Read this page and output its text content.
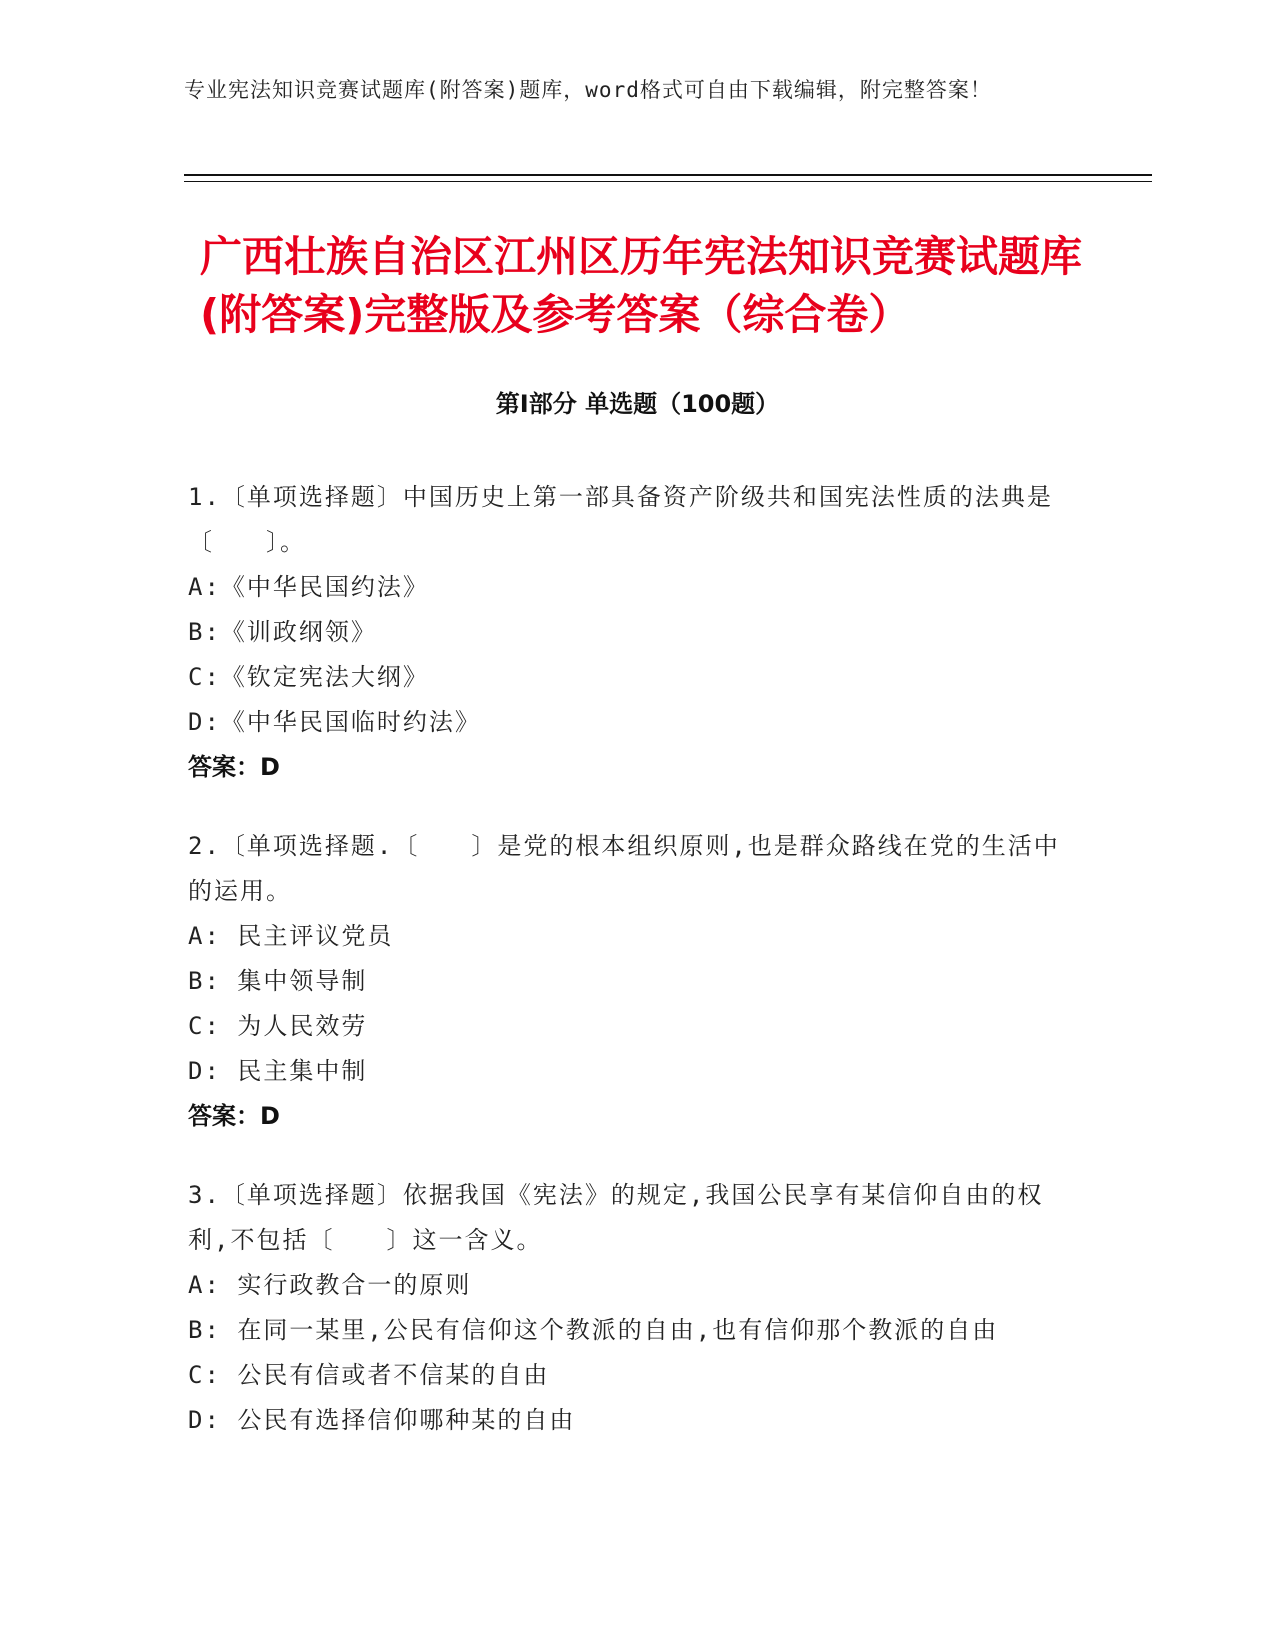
专业宪法知识竞赛试题库(附答案)题库，word格式可自由下载编辑，附完整答案！
广西壮族自治区江州区历年宪法知识竞赛试题库(附答案)完整版及参考答案（综合卷）
第Ⅰ部分 单选题（100题）
1.〔单项选择题〕中国历史上第一部具备资产阶级共和国宪法性质的法典是〔　　〕。
A:《中华民国约法》
B:《训政纲领》
C:《钦定宪法大纲》
D:《中华民国临时约法》
答案：D
2.〔单项选择题.〔　　〕是党的根本组织原则,也是群众路线在党的生活中的运用。
A: 民主评议党员
B: 集中领导制
C: 为人民效劳
D: 民主集中制
答案：D
3.〔单项选择题〕依据我国《宪法》的规定,我国公民享有某信仰自由的权利,不包括〔　　〕这一含义。
A: 实行政教合一的原则
B: 在同一某里,公民有信仰这个教派的自由,也有信仰那个教派的自由
C: 公民有信或者不信某的自由
D: 公民有选择信仰哪种某的自由
